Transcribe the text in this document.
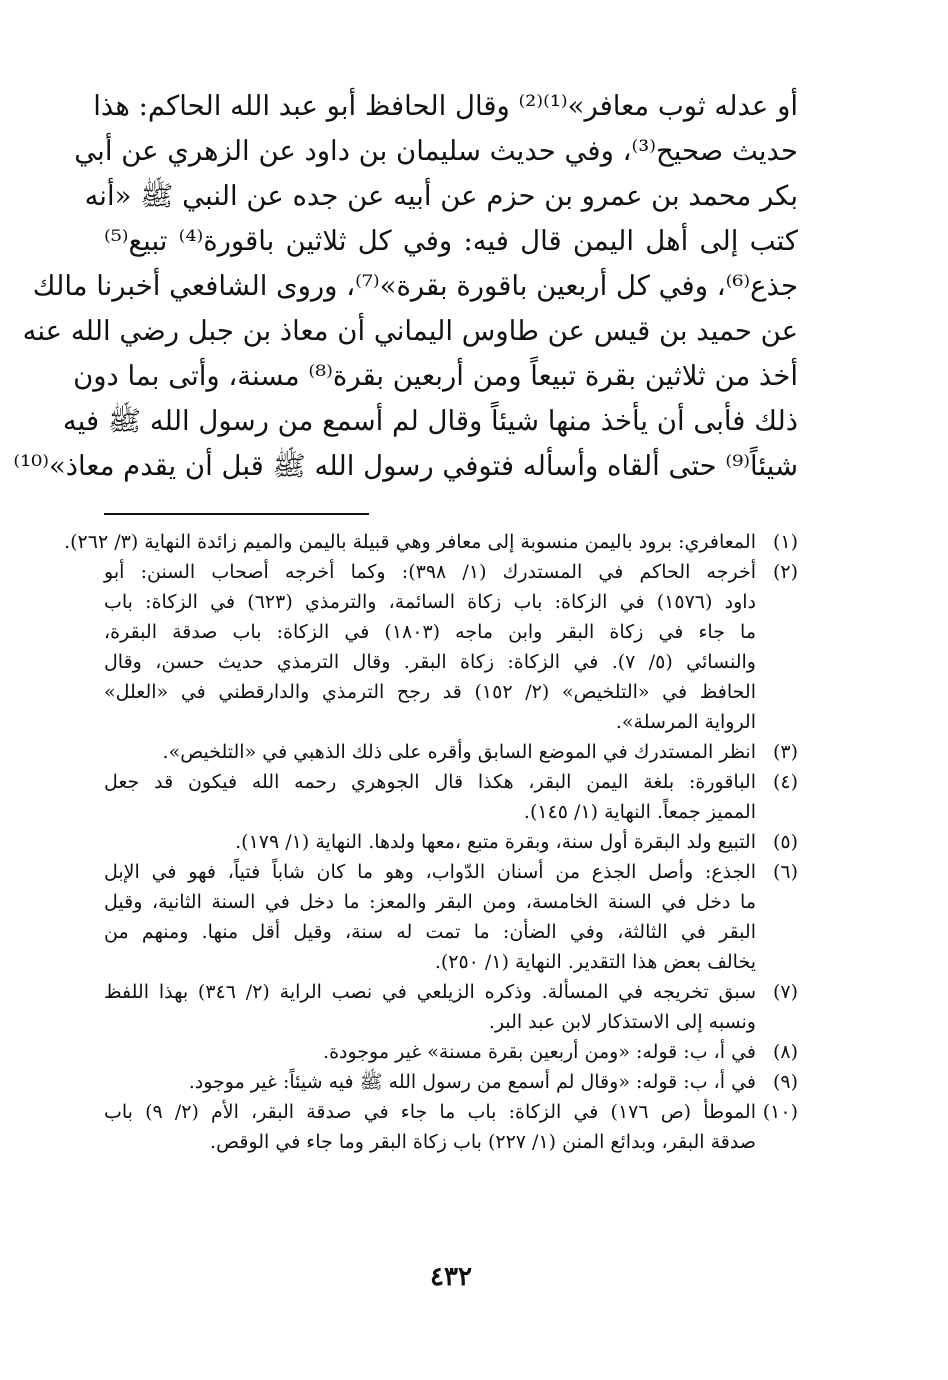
أو عدله ثوب معافر»⁽¹⁾⁽²⁾ وقال الحافظ أبو عبد الله الحاكم: هذا
حديث صحيح⁽³⁾، وفي حديث سليمان بن داود عن الزهري عن أبي
بكر محمد بن عمرو بن حزم عن أبيه عن جده عن النبي ﷺ «أنه
كتب إلى أهل اليمن قال فيه: وفي كل ثلاثين باقورة⁽⁴⁾ تبيع⁽⁵⁾
جذع⁽⁶⁾، وفي كل أربعين باقورة بقرة»⁽⁷⁾، وروى الشافعي أخبرنا مالك
عن حميد بن قيس عن طاوس اليماني أن معاذ بن جبل رضي الله عنه
أخذ من ثلاثين بقرة تبيعاً ومن أربعين بقرة⁽⁸⁾ مسنة، وأتى بما دون
ذلك فأبى أن يأخذ منها شيئاً وقال لم أسمع من رسول الله ﷺ فيه
شيئاً⁽⁹⁾ حتى ألقاه وأسأله فتوفي رسول الله ﷺ قبل أن يقدم معاذ»⁽¹⁰⁾
(١)
المعافري: برود باليمن منسوبة إلى معافر وهي قبيلة باليمن والميم زائدة النهاية (٣/ ٢٦٢).
(٢)
أخرجه الحاكم في المستدرك (١/ ٣٩٨): وكما أخرجه أصحاب السنن: أبو
داود (١٥٧٦) في الزكاة: باب زكاة السائمة، والترمذي (٦٢٣) في الزكاة: باب
ما جاء في زكاة البقر وابن ماجه (١٨٠٣) في الزكاة: باب صدقة البقرة،
والنسائي (٥/ ٧). في الزكاة: زكاة البقر. وقال الترمذي حديث حسن، وقال
الحافظ في «التلخيص» (٢/ ١٥٢) قد رجح الترمذي والدارقطني في «العلل»
الرواية المرسلة».
(٣)
انظر المستدرك في الموضع السابق وأقره على ذلك الذهبي في «التلخيص».
(٤)
الباقورة: بلغة اليمن البقر، هكذا قال الجوهري رحمه الله فيكون قد جعل
المميز جمعاً. النهاية (١/ ١٤٥).
(٥)
التبيع ولد البقرة أول سنة، وبقرة متبع ،معها ولدها. النهاية (١/ ١٧٩).
(٦)
الجذع: وأصل الجذع من أسنان الدّواب، وهو ما كان شاباً فتياً، فهو في الإبل
ما دخل في السنة الخامسة، ومن البقر والمعز: ما دخل في السنة الثانية، وقيل
البقر في الثالثة، وفي الضأن: ما تمت له سنة، وقيل أقل منها. ومنهم من
يخالف بعض هذا التقدير. النهاية (١/ ٢٥٠).
(٧)
سبق تخريجه في المسألة. وذكره الزيلعي في نصب الراية (٢/ ٣٤٦) بهذا اللفظ
ونسبه إلى الاستذكار لابن عبد البر.
(٨)
في أ، ب: قوله: «ومن أربعين بقرة مسنة» غير موجودة.
(٩)
في أ، ب: قوله: «وقال لم أسمع من رسول الله ﷺ فيه شيئاً: غير موجود.
(١٠)
الموطأ (ص ١٧٦) في الزكاة: باب ما جاء في صدقة البقر، الأم (٢/ ٩) باب
صدقة البقر، وبدائع المنن (١/ ٢٢٧) باب زكاة البقر وما جاء في الوقص.
٤٣٢
